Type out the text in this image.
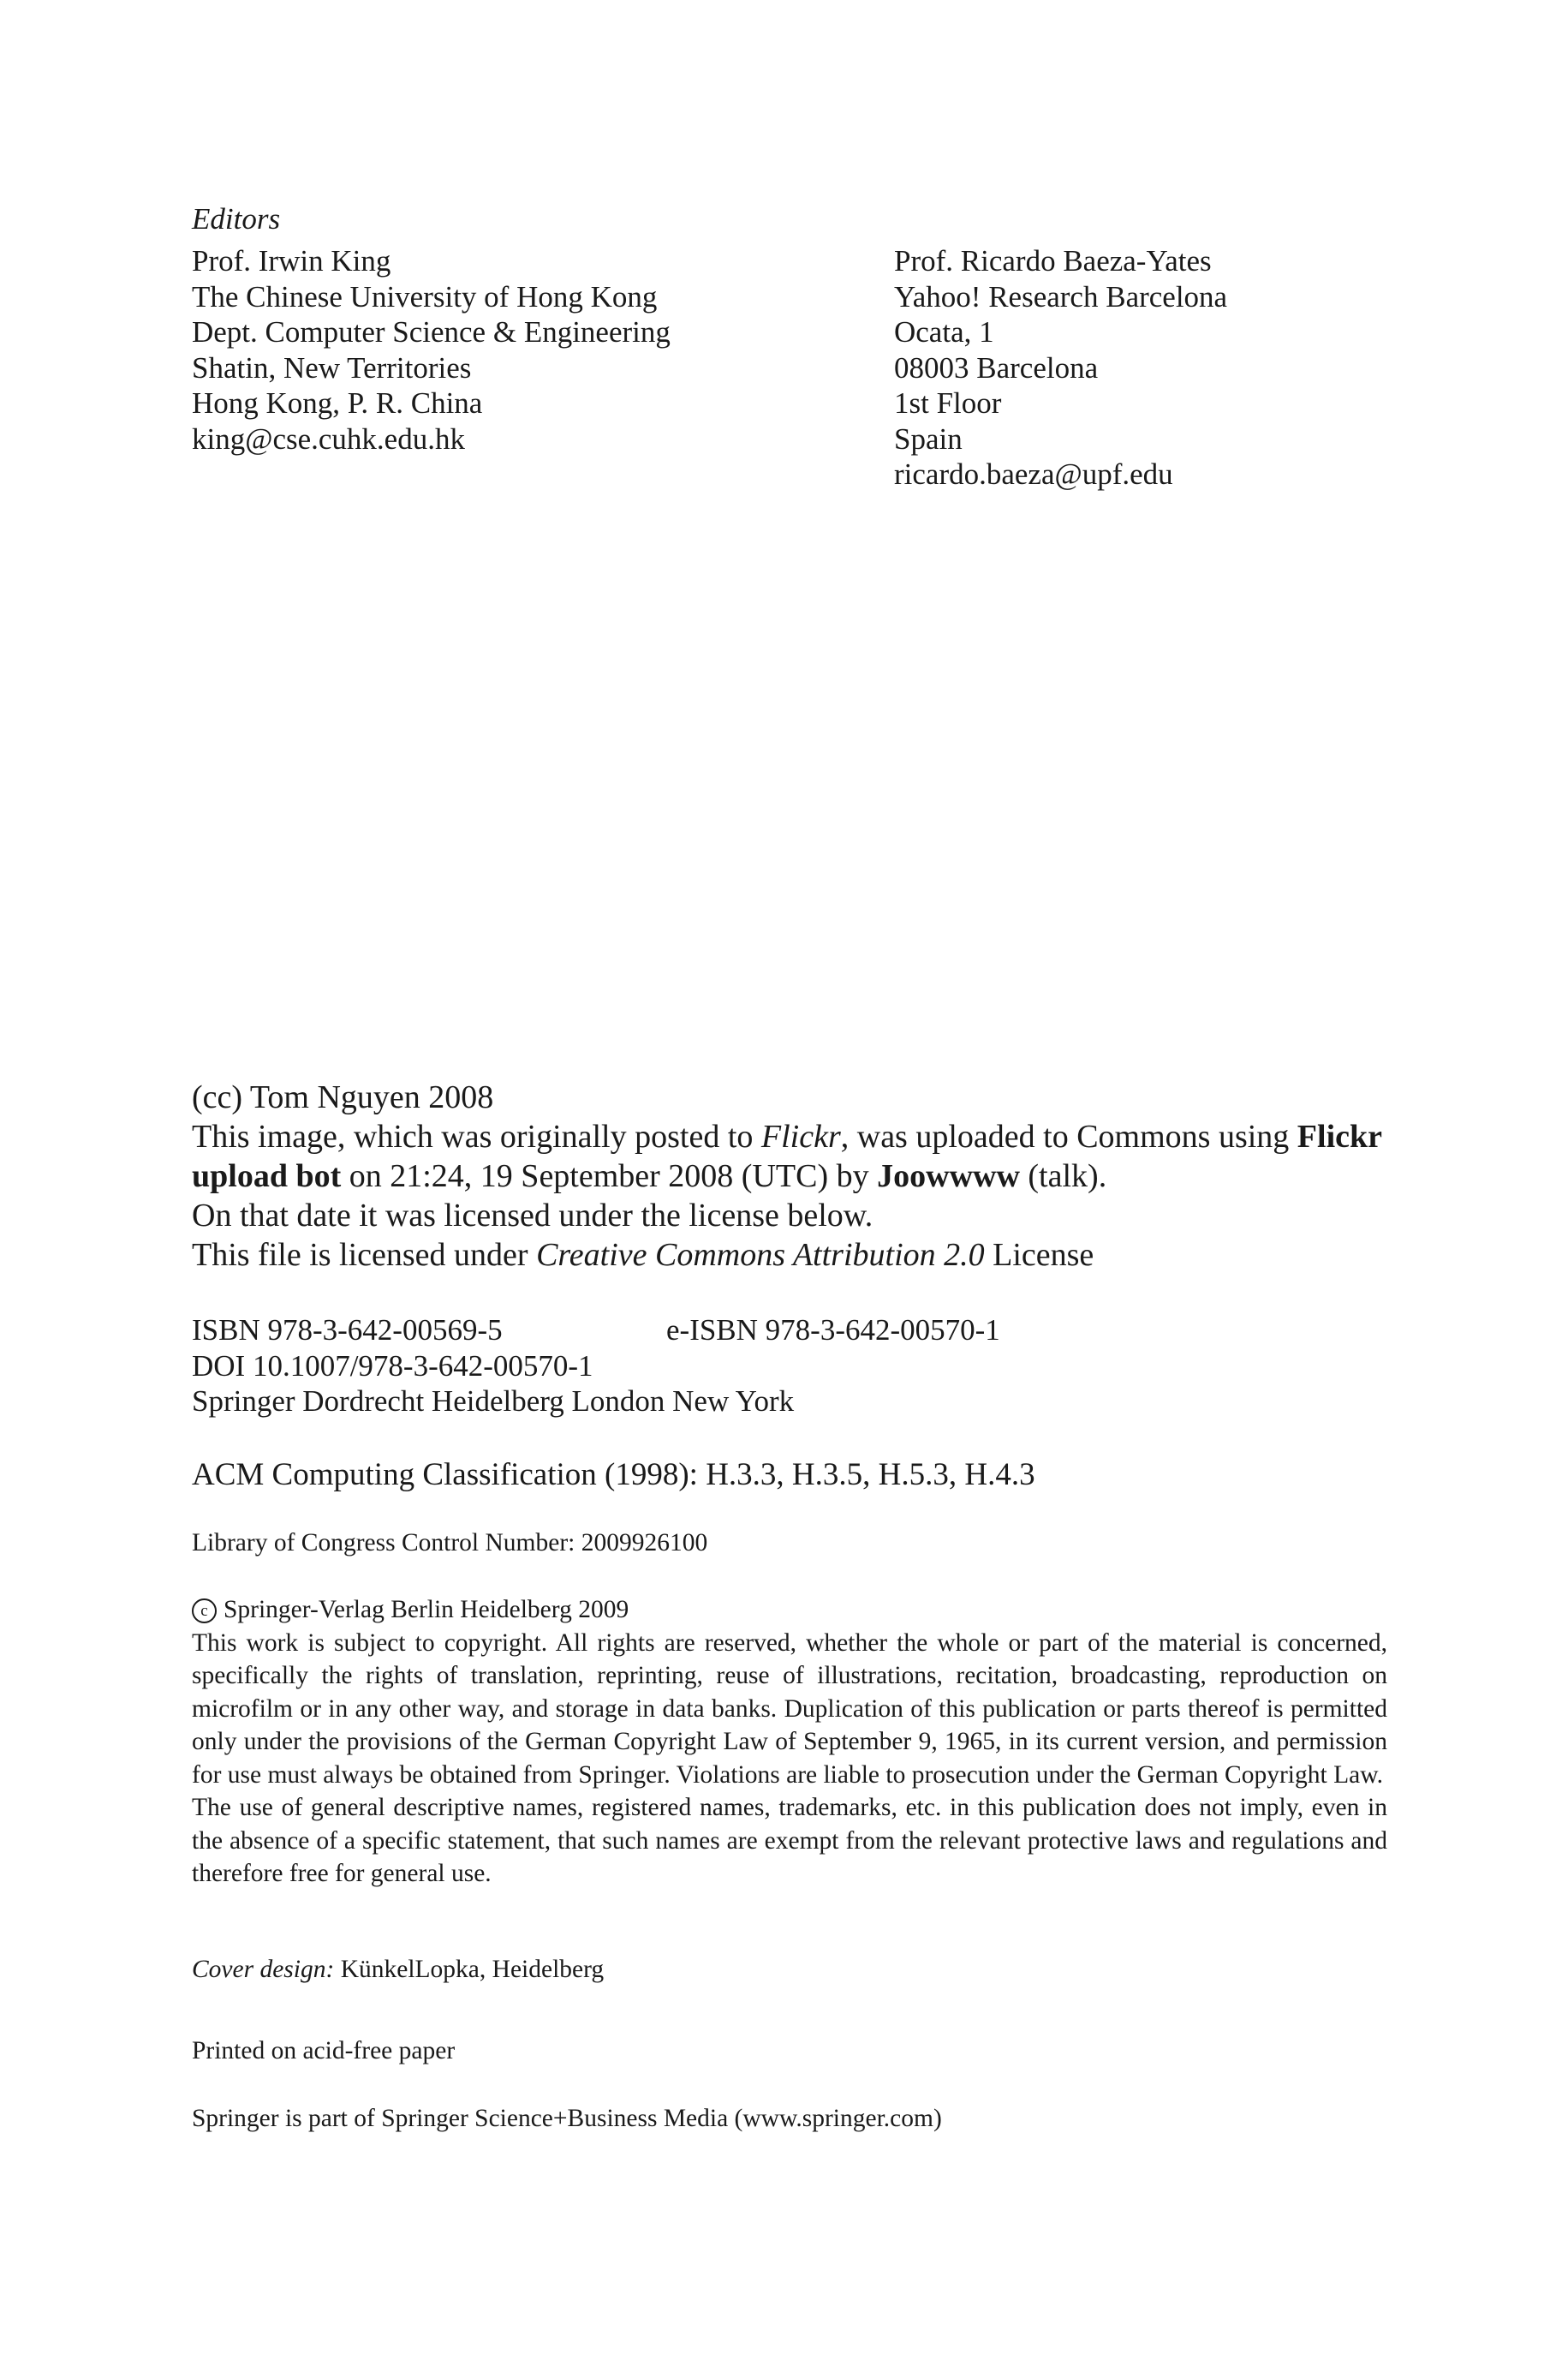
Editors
Prof. Irwin King
The Chinese University of Hong Kong
Dept. Computer Science & Engineering
Shatin, New Territories
Hong Kong, P. R. China
king@cse.cuhk.edu.hk
Prof. Ricardo Baeza-Yates
Yahoo! Research Barcelona
Ocata, 1
08003 Barcelona
1st Floor
Spain
ricardo.baeza@upf.edu
(cc) Tom Nguyen 2008
This image, which was originally posted to Flickr, was uploaded to Commons using Flickr
upload bot on 21:24, 19 September 2008 (UTC) by Joowwww (talk).
On that date it was licensed under the license below.
This file is licensed under Creative Commons Attribution 2.0 License
ISBN 978-3-642-00569-5	e-ISBN 978-3-642-00570-1
DOI 10.1007/978-3-642-00570-1
Springer Dordrecht Heidelberg London New York
ACM Computing Classification (1998): H.3.3, H.3.5, H.5.3, H.4.3
Library of Congress Control Number: 2009926100
c Springer-Verlag Berlin Heidelberg 2009

This work is subject to copyright. All rights are reserved, whether the whole or part of the material is concerned, specifically the rights of translation, reprinting, reuse of illustrations, recitation, broadcasting, reproduction on microfilm or in any other way, and storage in data banks. Duplication of this publication or parts thereof is permitted only under the provisions of the German Copyright Law of September 9, 1965, in its current version, and permission for use must always be obtained from Springer. Violations are liable to prosecution under the German Copyright Law.

The use of general descriptive names, registered names, trademarks, etc. in this publication does not imply, even in the absence of a specific statement, that such names are exempt from the relevant protective laws and regulations and therefore free for general use.

Cover design: KünkelLopka, Heidelberg
Printed on acid-free paper
Springer is part of Springer Science+Business Media (www.springer.com)
